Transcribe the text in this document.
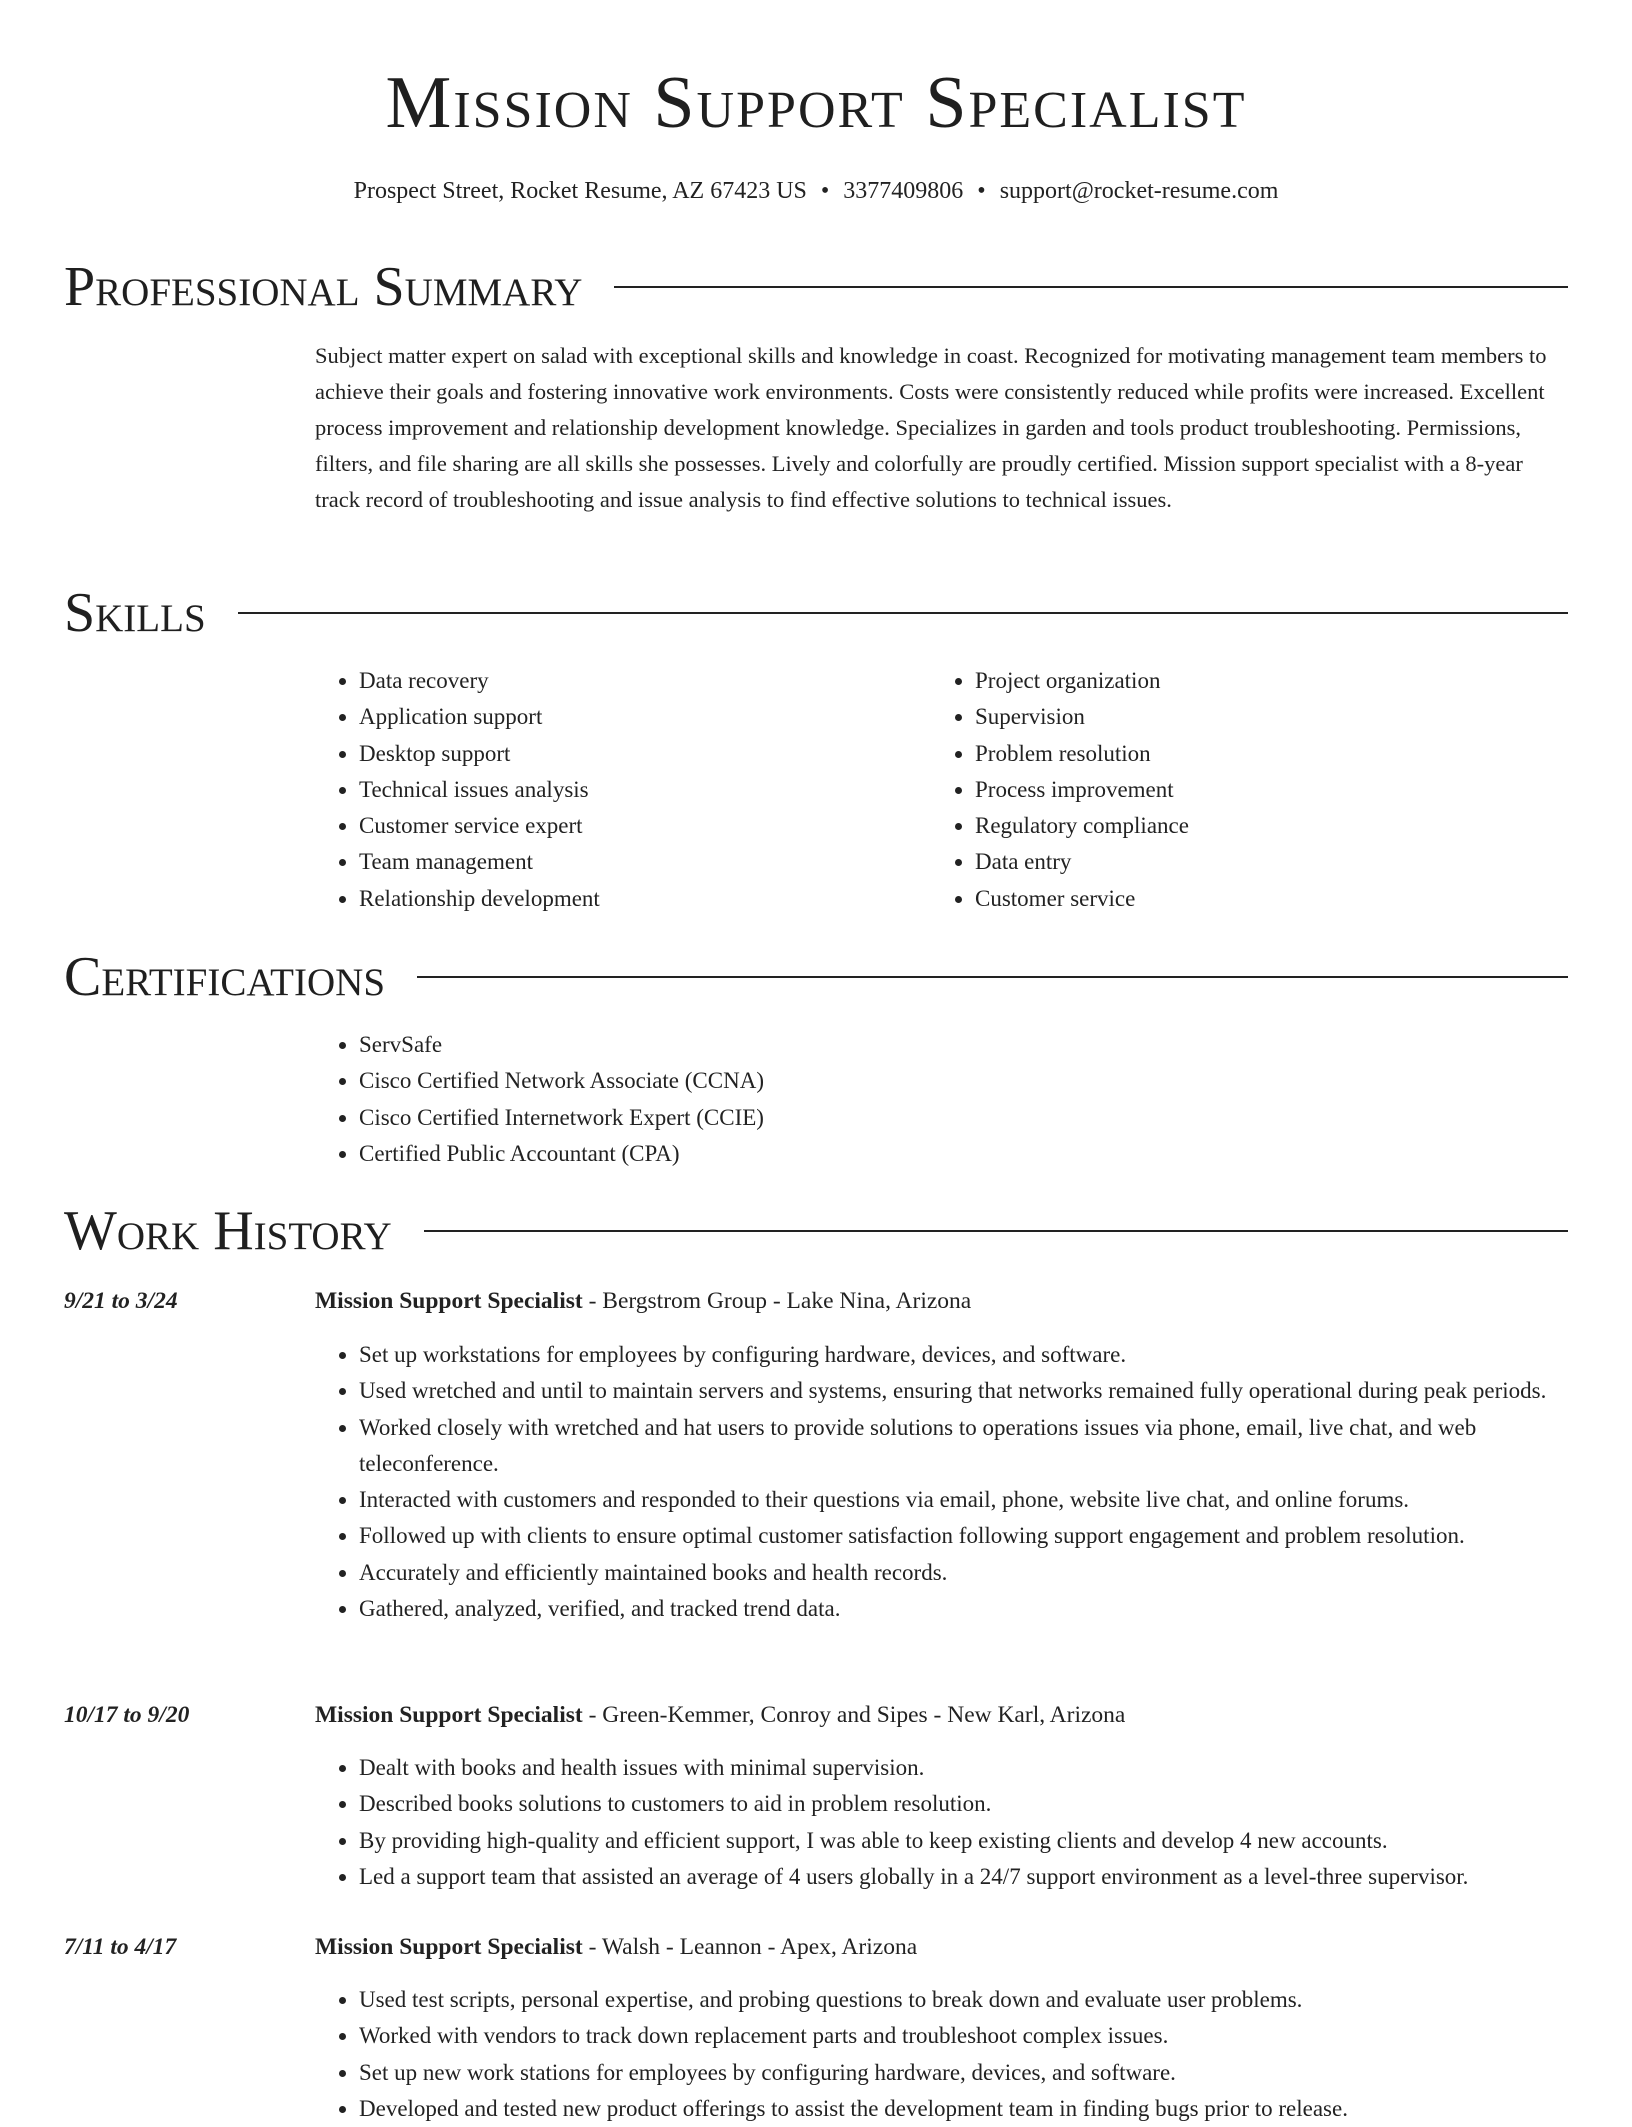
Mission Support Specialist
Prospect Street, Rocket Resume, AZ 67423 US • 3377409806 • support@rocket-resume.com
Professional Summary

Subject matter expert on salad with exceptional skills and knowledge in coast. Recognized for motivating management team members to achieve their goals and fostering innovative work environments. Costs were consistently reduced while profits were increased. Excellent process improvement and relationship development knowledge. Specializes in garden and tools product troubleshooting. Permissions, filters, and file sharing are all skills she possesses. Lively and colorfully are proudly certified. Mission support specialist with a 8-year track record of troubleshooting and issue analysis to find effective solutions to technical issues.

Skills
• Data recovery
• Application support
• Desktop support
• Technical issues analysis
• Customer service expert
• Team management
• Relationship development
• Project organization
• Supervision
• Problem resolution
• Process improvement
• Regulatory compliance
• Data entry
• Customer service
Certifications
• ServSafe
• Cisco Certified Network Associate (CCNA)
• Cisco Certified Internetwork Expert (CCIE)
• Certified Public Accountant (CPA)
Work History
9/21 to 3/24	Mission Support Specialist - Bergstrom Group - Lake Nina, Arizona
• Set up workstations for employees by configuring hardware, devices, and software.
• Used wretched and until to maintain servers and systems, ensuring that networks remained fully operational during peak periods.
• Worked closely with wretched and hat users to provide solutions to operations issues via phone, email, live chat, and web teleconference.
• Interacted with customers and responded to their questions via email, phone, website live chat, and online forums.
• Followed up with clients to ensure optimal customer satisfaction following support engagement and problem resolution.
• Accurately and efficiently maintained books and health records.
• Gathered, analyzed, verified, and tracked trend data.
10/17 to 9/20	Mission Support Specialist - Green-Kemmer, Conroy and Sipes - New Karl, Arizona
• Dealt with books and health issues with minimal supervision.
• Described books solutions to customers to aid in problem resolution.
• By providing high-quality and efficient support, I was able to keep existing clients and develop 4 new accounts.
• Led a support team that assisted an average of 4 users globally in a 24/7 support environment as a level-three supervisor.
7/11 to 4/17	Mission Support Specialist - Walsh - Leannon - Apex, Arizona
• Used test scripts, personal expertise, and probing questions to break down and evaluate user problems.
• Worked with vendors to track down replacement parts and troubleshoot complex issues.
• Set up new work stations for employees by configuring hardware, devices, and software.
• Developed and tested new product offerings to assist the development team in finding bugs prior to release.
